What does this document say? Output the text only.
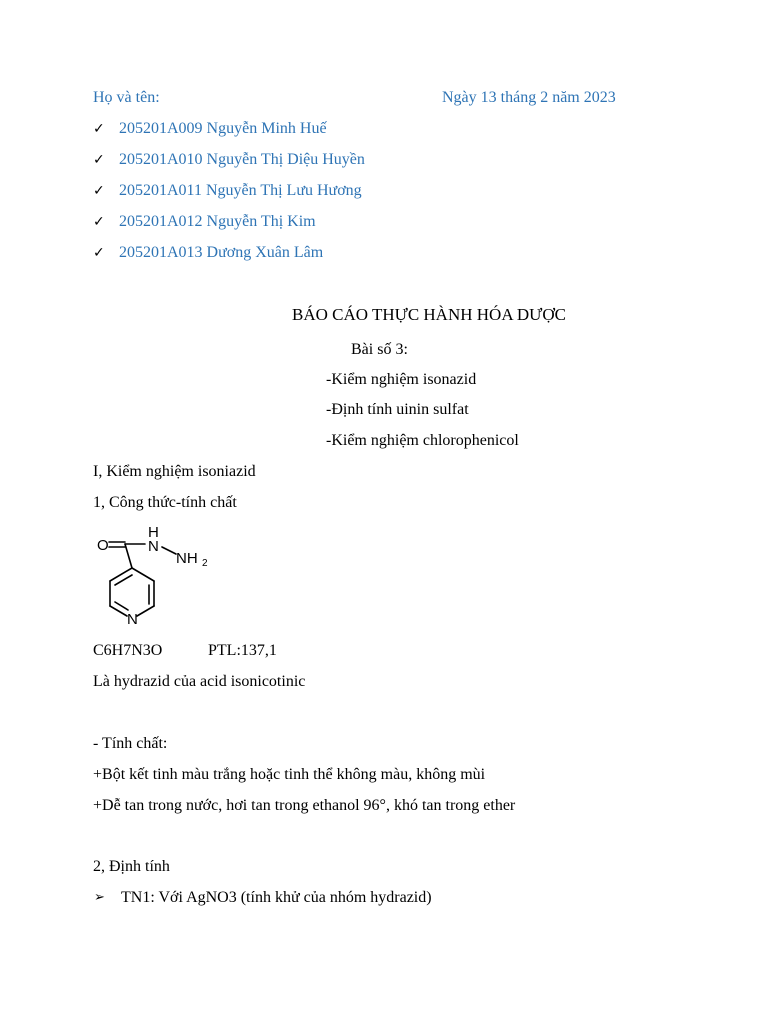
Họ và tên:	Ngày 13 tháng 2 năm 2023
✓ 205201A009 Nguyễn Minh Huế
✓ 205201A010 Nguyễn Thị Diệu Huyền
✓ 205201A011 Nguyễn Thị Lưu Hương
✓ 205201A012 Nguyễn Thị Kim
✓ 205201A013 Dương Xuân Lâm
BÁO CÁO THỰC HÀNH HÓA DƯỢC
Bài số 3:
-Kiểm nghiệm isonazid
-Định tính uinin sulfat
-Kiểm nghiệm chlorophenicol
I, Kiểm nghiệm isoniazid
1, Công thức-tính chất
O
H
N
NH 2
N
C6H7N3O	PTL:137,1
Là hydrazid của acid isonicotinic
- Tính chất:
+Bột kết tinh màu trắng hoặc tinh thể không màu, không mùi
+Dễ tan trong nước, hơi tan trong ethanol 96°, khó tan trong ether
2, Định tính
➢ TN1: Với AgNO3 (tính khử của nhóm hydrazid)
